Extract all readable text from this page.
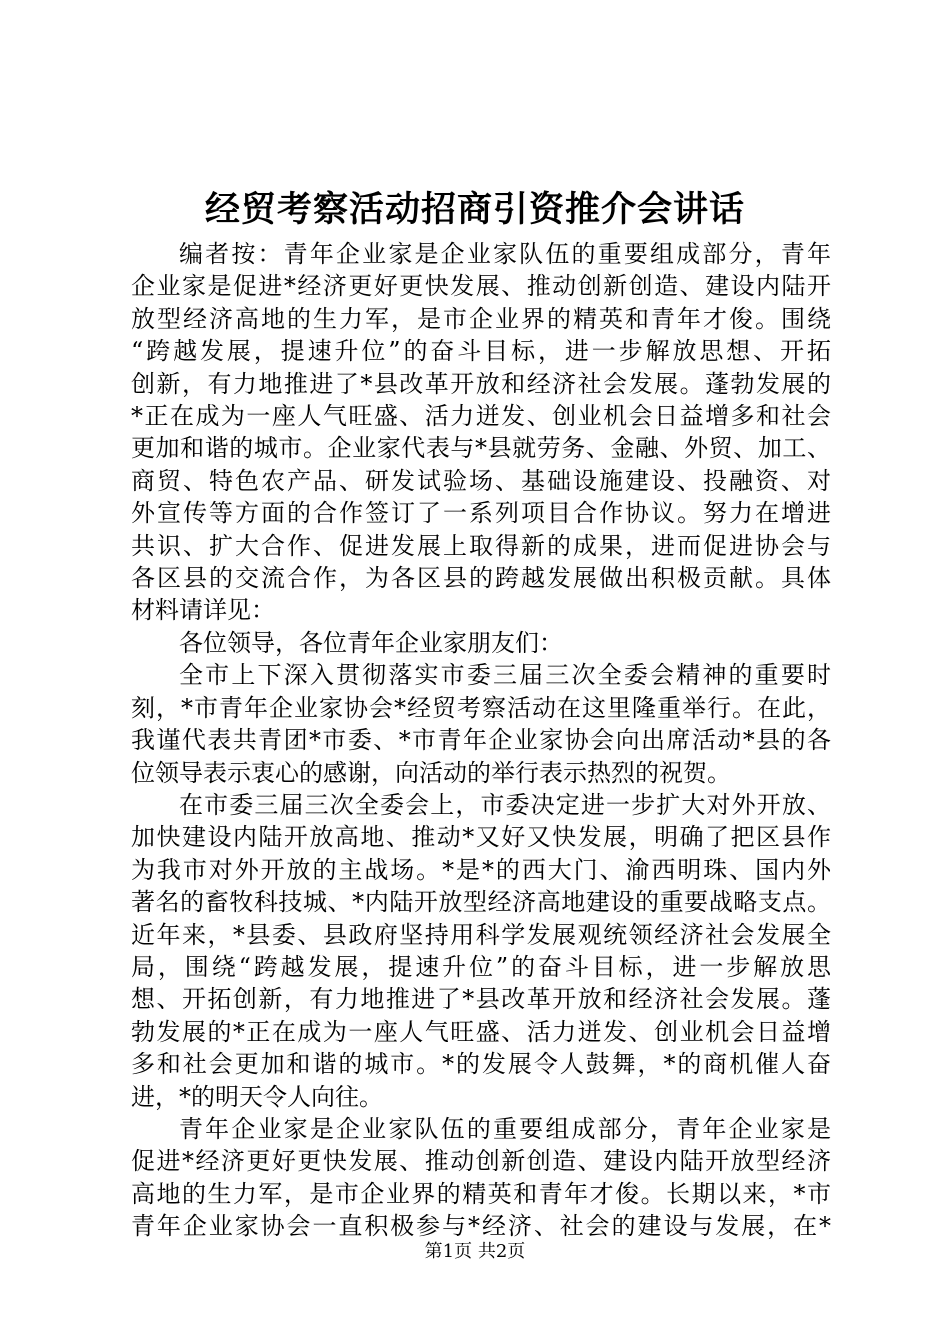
经贸考察活动招商引资推介会讲话
编者按：青年企业家是企业家队伍的重要组成部分，青年
企业家是促进*经济更好更快发展、推动创新创造、建设内陆开
放型经济高地的生力军，是市企业界的精英和青年才俊。围绕
“跨越发展，提速升位”的奋斗目标，进一步解放思想、开拓
创新，有力地推进了*县改革开放和经济社会发展。蓬勃发展的
*正在成为一座人气旺盛、活力迸发、创业机会日益增多和社会
更加和谐的城市。企业家代表与*县就劳务、金融、外贸、加工、
商贸、特色农产品、研发试验场、基础设施建设、投融资、对
外宣传等方面的合作签订了一系列项目合作协议。努力在增进
共识、扩大合作、促进发展上取得新的成果，进而促进协会与
各区县的交流合作，为各区县的跨越发展做出积极贡献。具体
材料请详见：
各位领导，各位青年企业家朋友们：
全市上下深入贯彻落实市委三届三次全委会精神的重要时
刻，*市青年企业家协会*经贸考察活动在这里隆重举行。在此，
我谨代表共青团*市委、*市青年企业家协会向出席活动*县的各
位领导表示衷心的感谢，向活动的举行表示热烈的祝贺。
在市委三届三次全委会上，市委决定进一步扩大对外开放、
加快建设内陆开放高地、推动*又好又快发展，明确了把区县作
为我市对外开放的主战场。*是*的西大门、渝西明珠、国内外
著名的畜牧科技城、*内陆开放型经济高地建设的重要战略支点。
近年来，*县委、县政府坚持用科学发展观统领经济社会发展全
局，围绕“跨越发展，提速升位”的奋斗目标，进一步解放思
想、开拓创新，有力地推进了*县改革开放和经济社会发展。蓬
勃发展的*正在成为一座人气旺盛、活力迸发、创业机会日益增
多和社会更加和谐的城市。*的发展令人鼓舞，*的商机催人奋
进，*的明天令人向往。
青年企业家是企业家队伍的重要组成部分，青年企业家是
促进*经济更好更快发展、推动创新创造、建设内陆开放型经济
高地的生力军，是市企业界的精英和青年才俊。长期以来，*市
青年企业家协会一直积极参与*经济、社会的建设与发展，在*
第1页 共2页
